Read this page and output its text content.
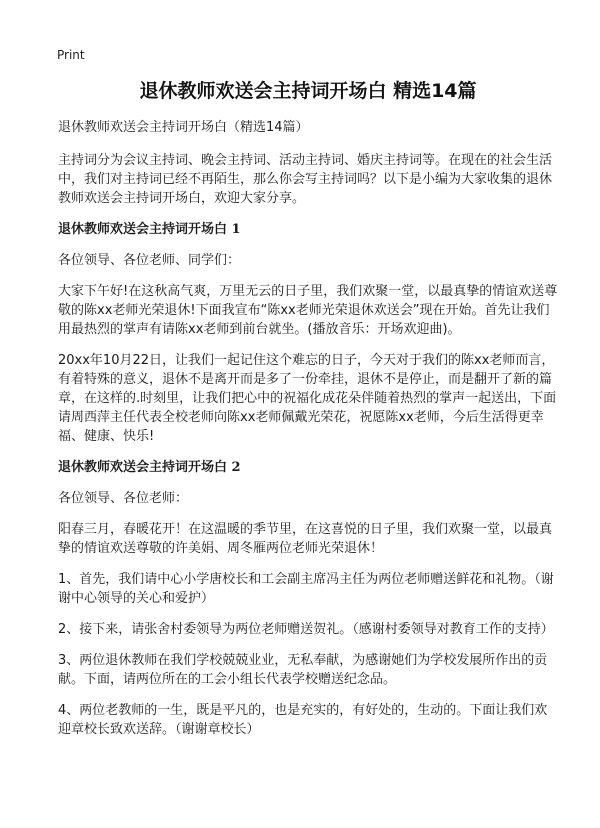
Print
退休教师欢送会主持词开场白 精选14篇

退休教师欢送会主持词开场白（精选14篇）

主持词分为会议主持词、晚会主持词、活动主持词、婚庆主持词等。在现在的社会生活中，我们对主持词已经不再陌生，那么你会写主持词吗？以下是小编为大家收集的退休教师欢送会主持词开场白，欢迎大家分享。

退休教师欢送会主持词开场白 1

各位领导、各位老师、同学们：

大家下午好!在这秋高气爽，万里无云的日子里，我们欢聚一堂，以最真挚的情谊欢送尊敬的陈xx老师光荣退休!下面我宣布“陈xx老师光荣退休欢送会”现在开始。首先让我们用最热烈的掌声有请陈xx老师到前台就坐。(播放音乐：开场欢迎曲)。

20xx年10月22日，让我们一起记住这个难忘的日子，今天对于我们的陈xx老师而言，有着特殊的意义，退休不是离开而是多了一份牵挂，退休不是停止，而是翻开了新的篇章，在这样的.时刻里，让我们把心中的祝福化成花朵伴随着热烈的掌声一起送出，下面请周西萍主任代表全校老师向陈xx老师佩戴光荣花，祝愿陈xx老师，今后生活得更幸福、健康、快乐!

退休教师欢送会主持词开场白 2

各位领导、各位老师：

阳春三月，春暖花开！在这温暖的季节里，在这喜悦的日子里，我们欢聚一堂，以最真挚的情谊欢送尊敬的许美娟、周冬雁两位老师光荣退休！

1、首先，我们请中心小学唐校长和工会副主席冯主任为两位老师赠送鲜花和礼物。（谢谢中心领导的关心和爱护）

2、接下来，请张舍村委领导为两位老师赠送贺礼。（感谢村委领导对教育工作的支持）

3、两位退休教师在我们学校兢兢业业，无私奉献，为感谢她们为学校发展所作出的贡献。下面，请两位所在的工会小组长代表学校赠送纪念品。

4、两位老教师的一生，既是平凡的，也是充实的，有好处的，生动的。下面让我们欢迎章校长致欢送辞。（谢谢章校长）
